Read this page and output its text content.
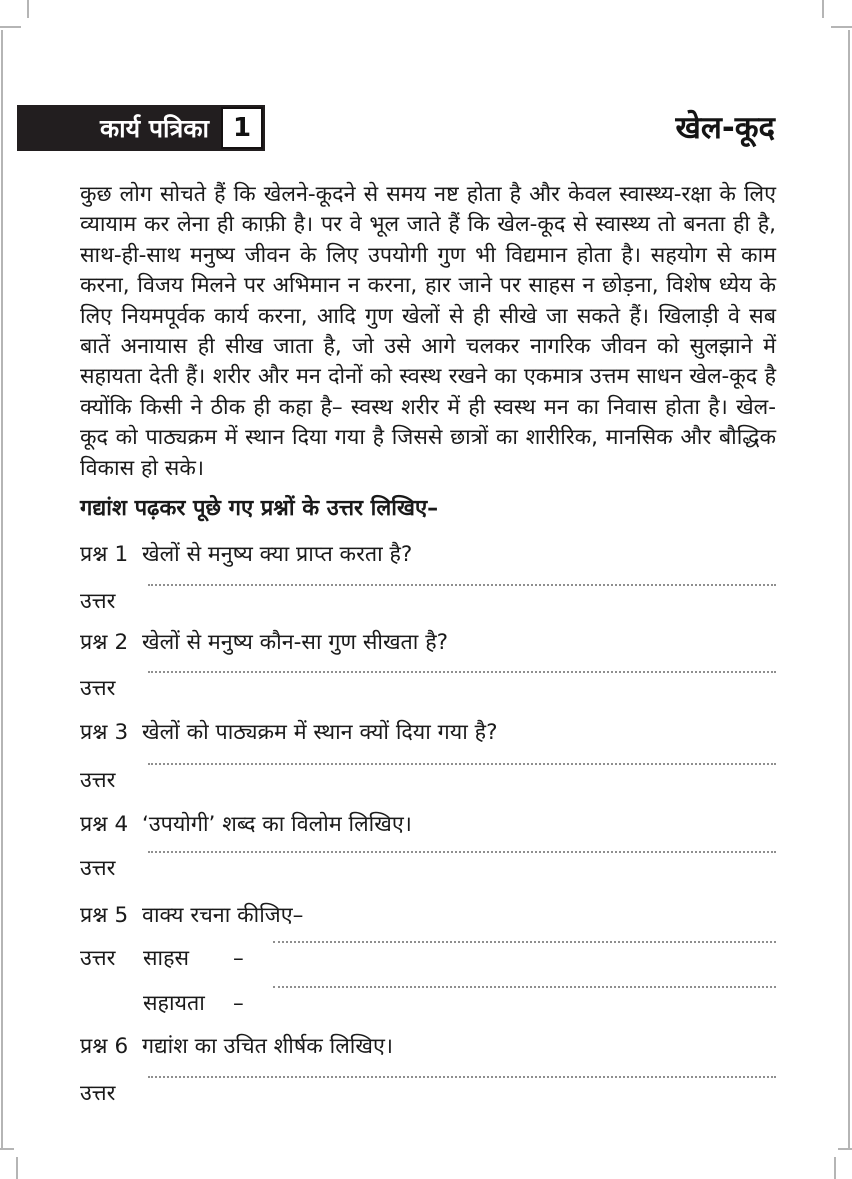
कार्य पत्रिका 1	खेल-कूद
कुछ लोग सोचते हैं कि खेलने-कूदने से समय नष्ट होता है और केवल स्वास्थ्य-रक्षा के लिए व्यायाम कर लेना ही काफ़ी है। पर वे भूल जाते हैं कि खेल-कूद से स्वास्थ्य तो बनता ही है, साथ-ही-साथ मनुष्य जीवन के लिए उपयोगी गुण भी विद्यमान होता है। सहयोग से काम करना, विजय मिलने पर अभिमान न करना, हार जाने पर साहस न छोड़ना, विशेष ध्येय के लिए नियमपूर्वक कार्य करना, आदि गुण खेलों से ही सीखे जा सकते हैं। खिलाड़ी वे सब बातें अनायास ही सीख जाता है, जो उसे आगे चलकर नागरिक जीवन को सुलझाने में सहायता देती हैं। शरीर और मन दोनों को स्वस्थ रखने का एकमात्र उत्तम साधन खेल-कूद है क्योंकि किसी ने ठीक ही कहा है– स्वस्थ शरीर में ही स्वस्थ मन का निवास होता है। खेल-कूद को पाठ्यक्रम में स्थान दिया गया है जिससे छात्रों का शारीरिक, मानसिक और बौद्धिक विकास हो सके।
गद्यांश पढ़कर पूछे गए प्रश्नों के उत्तर लिखिए–
प्रश्न 1 खेलों से मनुष्य क्या प्राप्त करता है?
उत्तर
प्रश्न 2 खेलों से मनुष्य कौन-सा गुण सीखता है?
उत्तर
प्रश्न 3 खेलों को पाठ्यक्रम में स्थान क्यों दिया गया है?
उत्तर
प्रश्न 4 ‘उपयोगी’ शब्द का विलोम लिखिए।
उत्तर
प्रश्न 5 वाक्य रचना कीजिए–
उत्तर साहस –
सहायता –
प्रश्न 6 गद्यांश का उचित शीर्षक लिखिए।
उत्तर
